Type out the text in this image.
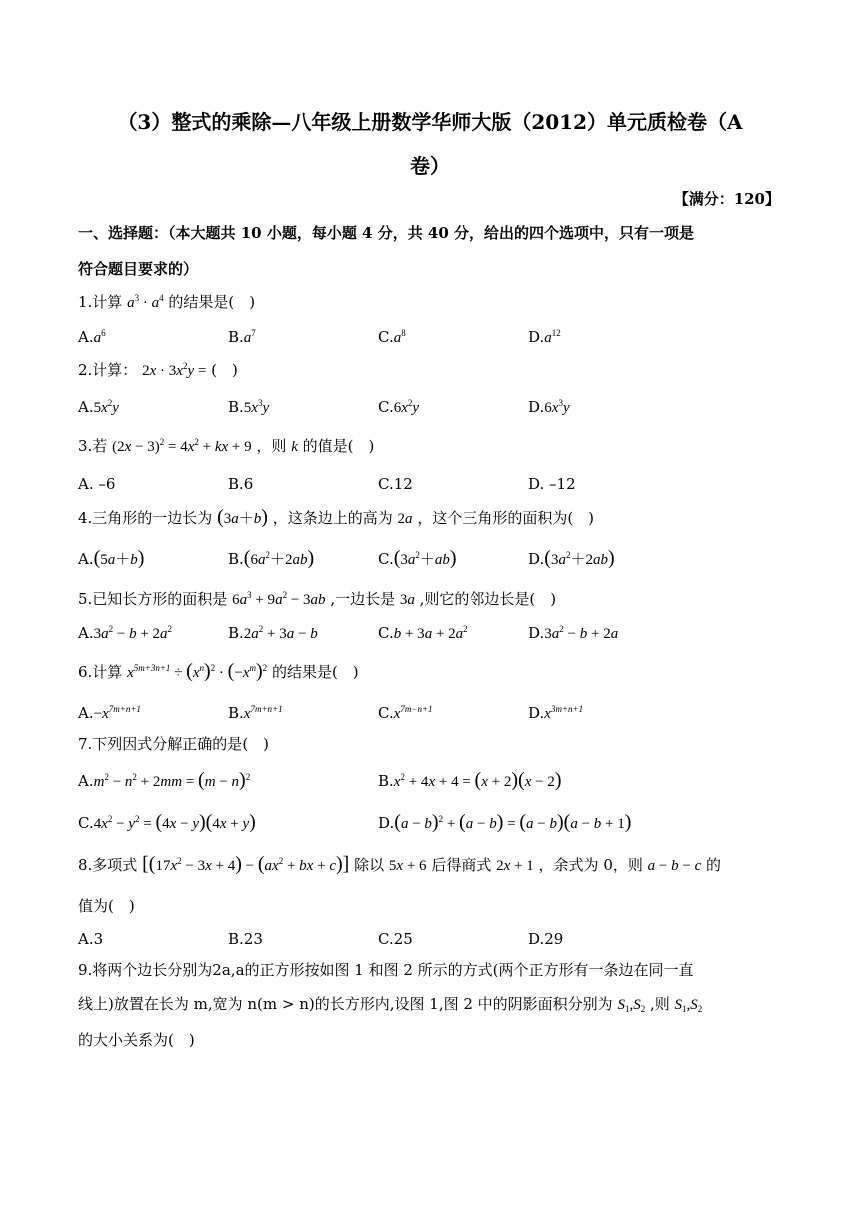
（3）整式的乘除—八年级上册数学华师大版（2012）单元质检卷（A
卷）
【满分：120】
一、选择题：（本大题共 10 小题，每小题 4 分，共 40 分，给出的四个选项中，只有一项是
符合题目要求的）
1.计算 $a^3 \cdot a^4$ 的结果是(　)
$A.a^6$	$B.a^7$	$C.a^8$	$D.a^{12}$
2.计算： $2x \cdot 3x^2y$ = (　)
$A.5x^2y$	$B.5x^3y$	$C.6x^2y$	$D.6x^3y$
3.若 $(2x - 3)^2 = 4x^2$ + kx + 9 ，则 k 的值是(　)
A. –6	B.6	C.12	D. –12
4.三角形的一边长为 (3a＋b) ，这条边上的高为 2a ，这个三角形的面积为(　)
A.(5a＋b)	$B.(6a^2+2ab)$	$C.(3a^2+ab)$	$D.(3a^2+2ab)$
5.已知长方形的面积是 $6a^3 + 9a^2 - 3ab$ ,一边长是 3a ,则它的邻边长是(　)
$A.3a^2 - b + 2a^2$	$B.2a^2 + 3a - b$	$C.b + 3a + 2a^2$	$D.3a^2 - b + 2a$
6.计算 $x^{5m+3n+1} \div (x^n)^2 \cdot (-x^m)^2$ 的结果是(　)
$A.-x^{7m+n+1}$	$B.x^{7m+n+1}$	$C.x^{7m-n+1}$	$D.x^{3m+n+1}$
7.下列因式分解正确的是(　)
$A.m^2 - n^2 + 2mm = (m - n)^2$	$B.x^2 + 4x + 4 = (x + 2)(x - 2)$
$C.4x^2 - y^2 = (4x - y)(4x + y)$	$D.(a - b)^2 + (a - b) = (a - b)(a - b + 1)$
8.多项式 [$(17x^2 - 3x + 4) - (ax^2$ + bx + c)] 除以 5x + 6 后得商式 2x + 1 ，余式为 0，则 a − b − c 的
值为(　)
A.3	B.23	C.25	D.29
9.将两个边长分别为2a,a的正方形按如图 1 和图 2 所示的方式(两个正方形有一条边在同一直
线上)放置在长为 m,宽为 n(m > n)的长方形内,设图 1,图 2 中的阴影面积分别为 $S_1,S_2$ ,则 $S_1,S_2$
的大小关系为(　)
